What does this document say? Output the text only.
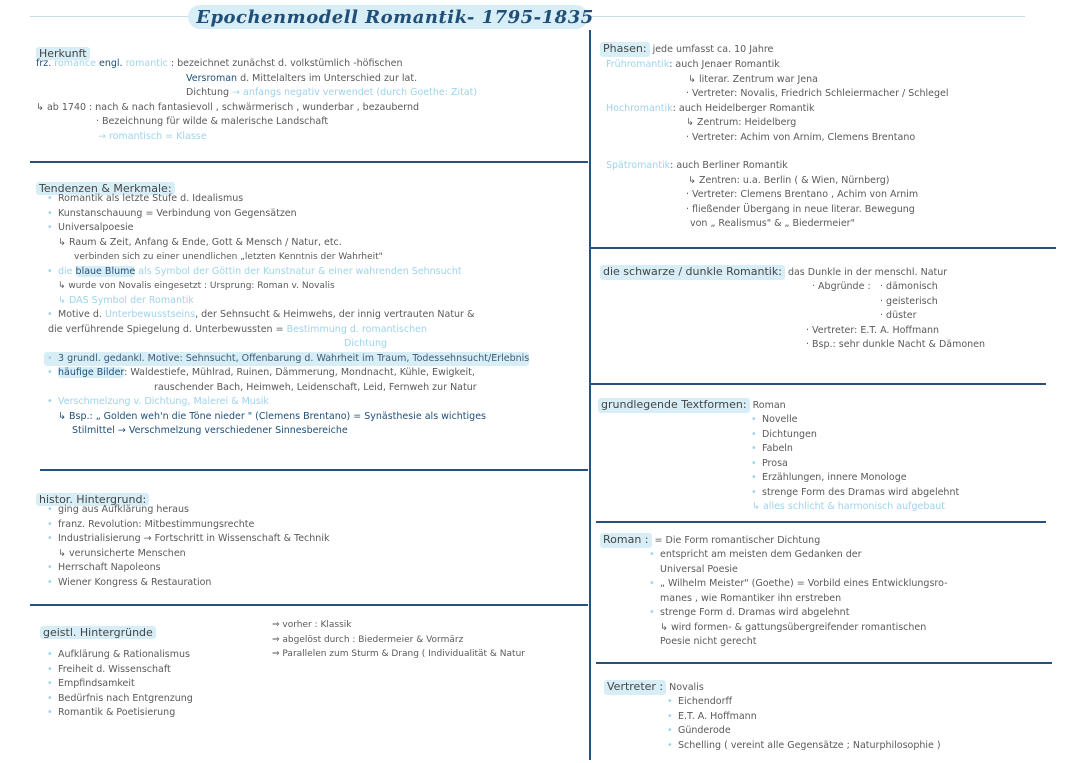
Epochenmodell Romantik- 1795-1835
Herkunft
frz. romance engl. romantic : bezeichnet zunächst d. volkstümlich -höfischen
Versroman d. Mittelalters im Unterschied zur lat.
Dichtung → anfangs negativ verwendet (durch Goethe: Zitat)
↳ ab 1740 : nach & nach fantasievoll , schwärmerisch , wunderbar , bezaubernd
· Bezeichnung für wilde & malerische Landschaft
→ romantisch = Klasse
Tendenzen & Merkmale:
• Romantik als letzte Stufe d. Idealismus
• Kunstanschauung = Verbindung von Gegensätzen
• Universalpoesie
↳ Raum & Zeit, Anfang & Ende, Gott & Mensch / Natur, etc.
verbinden sich zu einer unendlichen „letzten Kenntnis der Wahrheit"
• die blaue Blume als Symbol der Göttin der Kunstnatur & einer wahrenden Sehnsucht
↳ wurde von Novalis eingesetzt : Ursprung: Roman v. Novalis
↳ DAS Symbol der Romantik
• Motive d. Unterbewusstseins, der Sehnsucht & Heimwehs, der innig vertrauten Natur &
die verführende Spiegelung d. Unterbewussten = Bestimmung d. romantischen
Dichtung
• 3 grundl. gedankl. Motive: Sehnsucht, Offenbarung d. Wahrheit im Traum, Todessehnsucht/Erlebnis
• häufige Bilder: Waldestiefe, Mühlrad, Ruinen, Dämmerung, Mondnacht, Kühle, Ewigkeit,
rauschender Bach, Heimweh, Leidenschaft, Leid, Fernweh zur Natur
• Verschmelzung v. Dichtung, Malerei & Musik
↳ Bsp.: „ Golden weh'n die Töne nieder " (Clemens Brentano) = Synästhesie als wichtiges
Stilmittel → Verschmelzung verschiedener Sinnesbereiche
histor. Hintergrund:
• ging aus Aufklärung heraus
• franz. Revolution: Mitbestimmungsrechte
• Industrialisierung → Fortschritt in Wissenschaft & Technik
↳ verunsicherte Menschen
• Herrschaft Napoleons
• Wiener Kongress & Restauration
geistl. Hintergründe
• Aufklärung & Rationalismus
• Freiheit d. Wissenschaft
• Empfindsamkeit
• Bedürfnis nach Entgrenzung
• Romantik & Poetisierung
⇒ vorher : Klassik
⇒ abgelöst durch : Biedermeier & Vormärz
⇒ Parallelen zum Sturm & Drang ( Individualität & Natur
Phasen: jede umfasst ca. 10 Jahre
Frühromantik: auch Jenaer Romantik
↳ literar. Zentrum war Jena
· Vertreter: Novalis, Friedrich Schleiermacher / Schlegel
Hochromantik: auch Heidelberger Romantik
↳ Zentrum: Heidelberg
· Vertreter: Achim von Arnim, Clemens Brentano
Spätromantik: auch Berliner Romantik
↳ Zentren: u.a. Berlin ( & Wien, Nürnberg)
· Vertreter: Clemens Brentano , Achim von Arnim
· fließender Übergang in neue literar. Bewegung
von „ Realismus" & „ Biedermeier"
die schwarze / dunkle Romantik: das Dunkle in der menschl. Natur
· Abgründe : · dämonisch
· geisterisch
· düster
· Vertreter: E.T. A. Hoffmann
· Bsp.: sehr dunkle Nacht & Dämonen
grundlegende Textformen: Roman
• Novelle
• Dichtungen
• Fabeln
• Prosa
• Erzählungen, innere Monologe
• strenge Form des Dramas wird abgelehnt
↳ alles schlicht & harmonisch aufgebaut
Roman : = Die Form romantischer Dichtung
• entspricht am meisten dem Gedanken der
Universal Poesie
• „ Wilhelm Meister" (Goethe) = Vorbild eines Entwicklungsro-
manes , wie Romantiker ihn erstreben
• strenge Form d. Dramas wird abgelehnt
↳ wird formen- & gattungsübergreifender romantischen
Poesie nicht gerecht
Vertreter : Novalis
• Eichendorff
• E.T. A. Hoffmann
• Günderode
• Schelling ( vereint alle Gegensätze ; Naturphilosophie )
